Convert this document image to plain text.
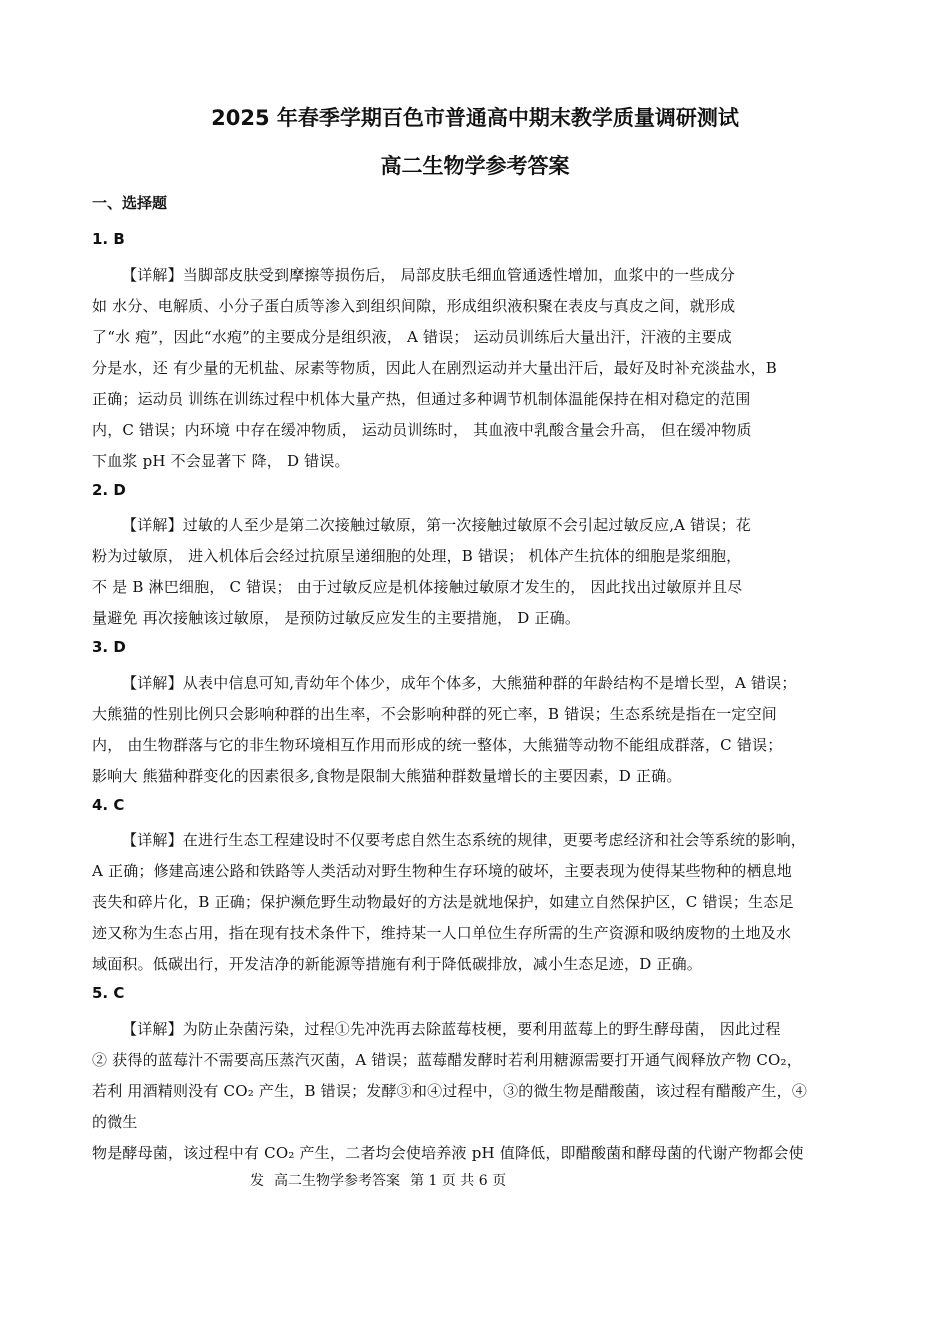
2025 年春季学期百色市普通高中期末教学质量调研测试
高二生物学参考答案
一、选择题
1. B
【详解】当脚部皮肤受到摩擦等损伤后， 局部皮肤毛细血管通透性增加，血浆中的一些成分
如 水分、电解质、小分子蛋白质等渗入到组织间隙，形成组织液积聚在表皮与真皮之间，就形成
了“水 疱”，因此“水疱”的主要成分是组织液， A 错误； 运动员训练后大量出汗，汗液的主要成
分是水，还 有少量的无机盐、尿素等物质，因此人在剧烈运动并大量出汗后，最好及时补充淡盐水，B
正确；运动员 训练在训练过程中机体大量产热，但通过多种调节机制体温能保持在相对稳定的范围
内，C 错误；内环境 中存在缓冲物质， 运动员训练时， 其血液中乳酸含量会升高， 但在缓冲物质
下血浆 pH 不会显著下 降， D 错误。
2. D
【详解】过敏的人至少是第二次接触过敏原，第一次接触过敏原不会引起过敏反应,A 错误；花
粉为过敏原， 进入机体后会经过抗原呈递细胞的处理，B 错误； 机体产生抗体的细胞是浆细胞，
不 是 B 淋巴细胞， C 错误； 由于过敏反应是机体接触过敏原才发生的， 因此找出过敏原并且尽
量避免 再次接触该过敏原， 是预防过敏反应发生的主要措施， D 正确。
3. D
【详解】从表中信息可知,青幼年个体少，成年个体多，大熊猫种群的年龄结构不是增长型，A 错误；
大熊猫的性别比例只会影响种群的出生率，不会影响种群的死亡率，B 错误；生态系统是指在一定空间
内， 由生物群落与它的非生物环境相互作用而形成的统一整体，大熊猫等动物不能组成群落，C 错误；
影响大 熊猫种群变化的因素很多,食物是限制大熊猫种群数量增长的主要因素，D 正确。
4. C
【详解】在进行生态工程建设时不仅要考虑自然生态系统的规律，更要考虑经济和社会等系统的影响，
A 正确；修建高速公路和铁路等人类活动对野生物种生存环境的破坏，主要表现为使得某些物种的栖息地
丧失和碎片化，B 正确；保护濒危野生动物最好的方法是就地保护，如建立自然保护区，C 错误；生态足
迹又称为生态占用，指在现有技术条件下，维持某一人口单位生存所需的生产资源和吸纳废物的土地及水
域面积。低碳出行，开发洁净的新能源等措施有利于降低碳排放，减小生态足迹，D 正确。
5. C
【详解】为防止杂菌污染，过程①先冲洗再去除蓝莓枝梗，要利用蓝莓上的野生酵母菌， 因此过程
② 获得的蓝莓汁不需要高压蒸汽灭菌，A 错误；蓝莓醋发酵时若利用糖源需要打开通气阀释放产物 CO₂，
若利 用酒精则没有 CO₂ 产生，B 错误；发酵③和④过程中，③的微生物是醋酸菌，该过程有醋酸产生，④
的微生
物是酵母菌，该过程中有 CO₂ 产生，二者均会使培养液 pH 值降低，即醋酸菌和酵母菌的代谢产物都会使
发 高二生物学参考答案 第 1 页 共 6 页
